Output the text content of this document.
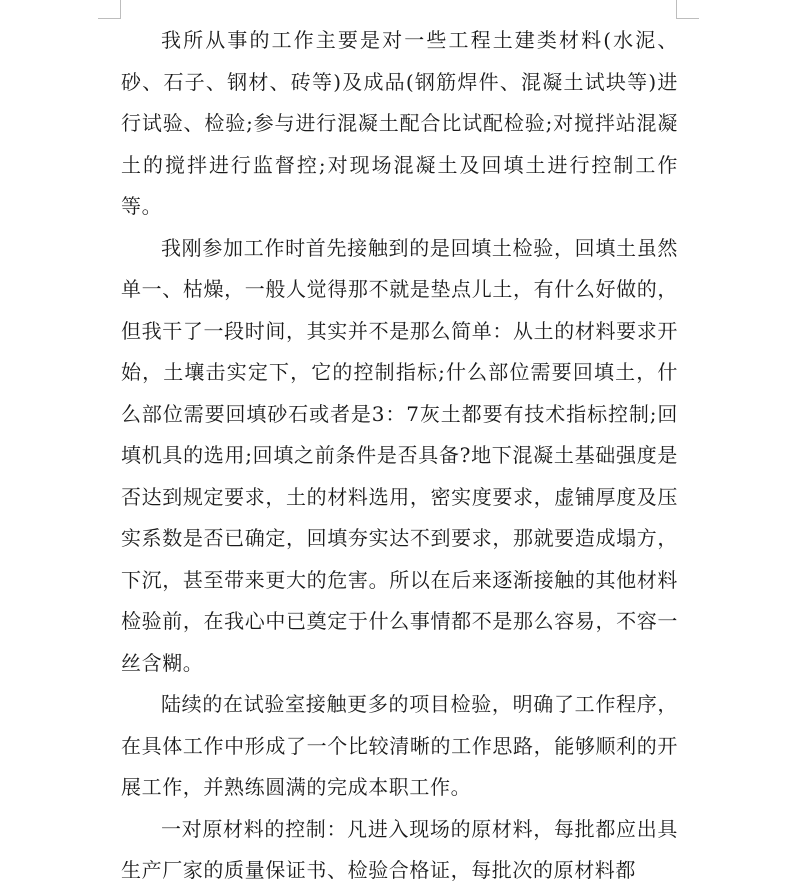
我所从事的工作主要是对一些工程土建类材料(水泥、砂、石子、钢材、砖等)及成品(钢筋焊件、混凝土试块等)进行试验、检验;参与进行混凝土配合比试配检验;对搅拌站混凝土的搅拌进行监督控;对现场混凝土及回填土进行控制工作等。

我刚参加工作时首先接触到的是回填土检验，回填土虽然单一、枯燥，一般人觉得那不就是垫点儿土，有什么好做的，但我干了一段时间，其实并不是那么简单：从土的材料要求开始，土壤击实定下，它的控制指标;什么部位需要回填土，什么部位需要回填砂石或者是3：7灰土都要有技术指标控制;回填机具的选用;回填之前条件是否具备?地下混凝土基础强度是否达到规定要求，土的材料选用，密实度要求，虚铺厚度及压实系数是否已确定，回填夯实达不到要求，那就要造成塌方，下沉，甚至带来更大的危害。所以在后来逐渐接触的其他材料检验前，在我心中已奠定于什么事情都不是那么容易，不容一丝含糊。

陆续的在试验室接触更多的项目检验，明确了工作程序，在具体工作中形成了一个比较清晰的工作思路，能够顺利的开展工作，并熟练圆满的完成本职工作。

一对原材料的控制：凡进入现场的原材料，每批都应出具生产厂家的质量保证书、检验合格证，每批次的原材料都
